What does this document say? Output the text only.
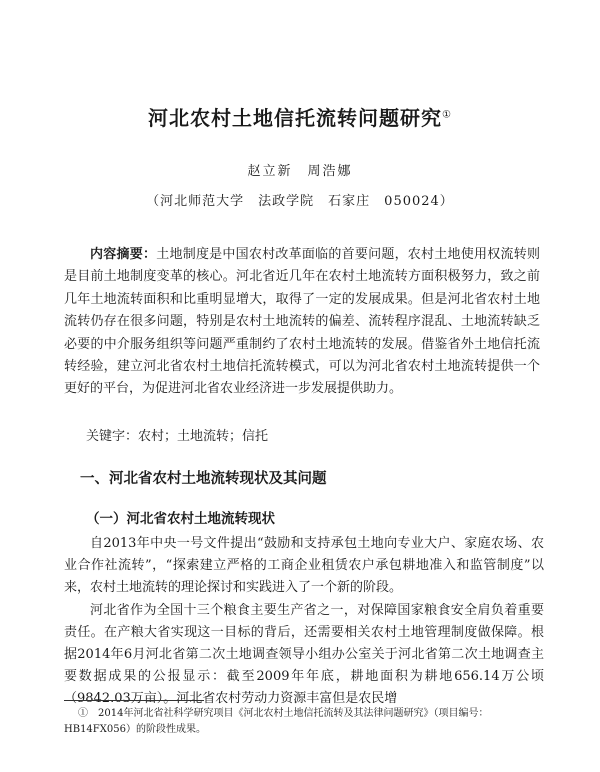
河北农村土地信托流转问题研究①
赵立新　周浩娜
（河北师范大学　法政学院　石家庄　050024）
内容摘要：土地制度是中国农村改革面临的首要问题，农村土地使用权流转则是目前土地制度变革的核心。河北省近几年在农村土地流转方面积极努力，致之前几年土地流转面积和比重明显增大，取得了一定的发展成果。但是河北省农村土地流转仍存在很多问题，特别是农村土地流转的偏差、流转程序混乱、土地流转缺乏必要的中介服务组织等问题严重制约了农村土地流转的发展。借鉴省外土地信托流转经验，建立河北省农村土地信托流转模式，可以为河北省农村土地流转提供一个更好的平台，为促进河北省农业经济进一步发展提供助力。
关键字：农村；土地流转；信托
一、河北省农村土地流转现状及其问题
（一）河北省农村土地流转现状

自2013年中央一号文件提出“鼓励和支持承包土地向专业大户、家庭农场、农业合作社流转”，“探索建立严格的工商企业租赁农户承包耕地准入和监管制度”以来，农村土地流转的理论探讨和实践进入了一个新的阶段。

河北省作为全国十三个粮食主要生产省之一，对保障国家粮食安全肩负着重要责任。在产粮大省实现这一目标的背后，还需要相关农村土地管理制度做保障。根据2014年6月河北省第二次土地调查领导小组办公室关于河北省第二次土地调查主要数据成果的公报显示：截至2009年年底，耕地面积为耕地656.14万公顷（9842.03万亩）。河北省农村劳动力资源丰富但是农民增

①　2014年河北省社科学研究项目《河北农村土地信托流转及其法律问题研究》（项目编号：HB14FX056）的阶段性成果。
